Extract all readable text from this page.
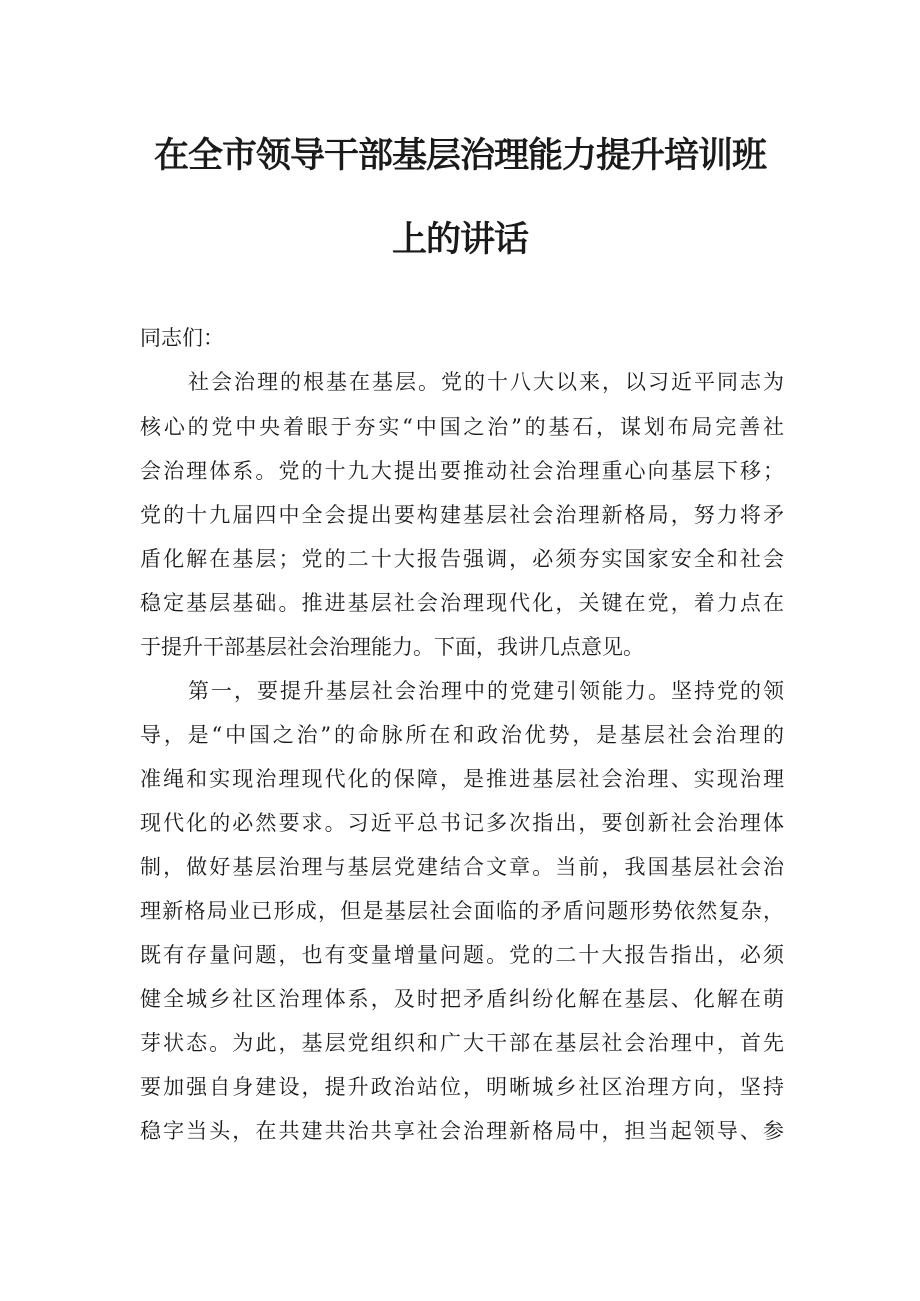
在全市领导干部基层治理能力提升培训班
上的讲话

同志们：

社会治理的根基在基层。党的十八大以来，以习近平同志为

核心的党中央着眼于夯实“中国之治”的基石，谋划布局完善社

会治理体系。党的十九大提出要推动社会治理重心向基层下移；

党的十九届四中全会提出要构建基层社会治理新格局，努力将矛

盾化解在基层；党的二十大报告强调，必须夯实国家安全和社会

稳定基层基础。推进基层社会治理现代化，关键在党，着力点在

于提升干部基层社会治理能力。下面，我讲几点意见。

第一，要提升基层社会治理中的党建引领能力。坚持党的领

导，是“中国之治”的命脉所在和政治优势，是基层社会治理的

准绳和实现治理现代化的保障，是推进基层社会治理、实现治理

现代化的必然要求。习近平总书记多次指出，要创新社会治理体

制，做好基层治理与基层党建结合文章。当前，我国基层社会治

理新格局业已形成，但是基层社会面临的矛盾问题形势依然复杂，

既有存量问题，也有变量增量问题。党的二十大报告指出，必须

健全城乡社区治理体系，及时把矛盾纠纷化解在基层、化解在萌

芽状态。为此，基层党组织和广大干部在基层社会治理中，首先

要加强自身建设，提升政治站位，明晰城乡社区治理方向，坚持

稳字当头，在共建共治共享社会治理新格局中，担当起领导、参
